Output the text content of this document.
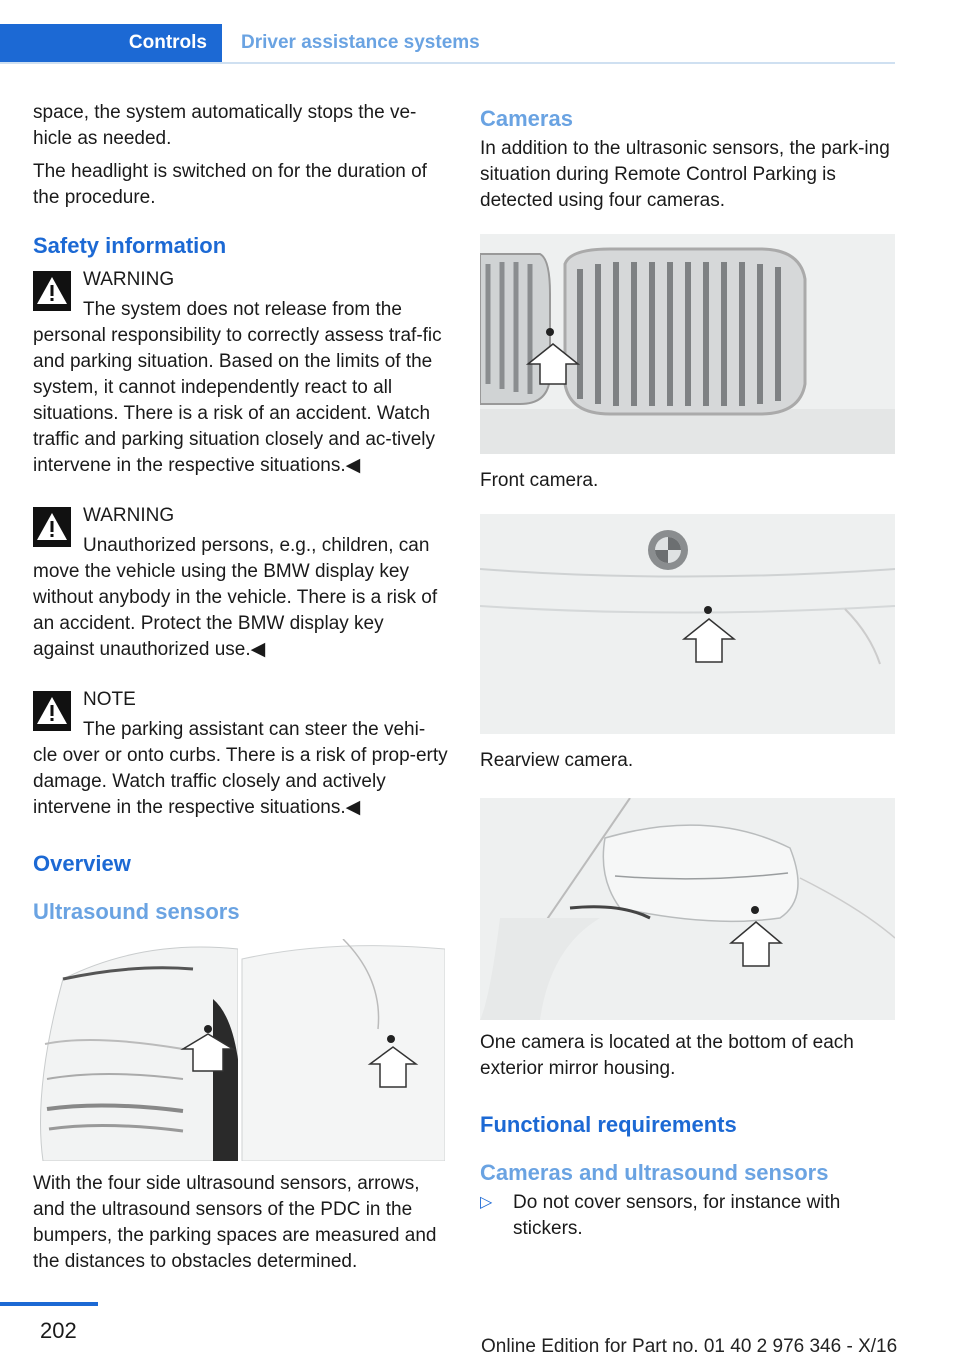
Controls	Driver assistance systems

space, the system automatically stops the ve‐hicle as needed.

The headlight is switched on for the duration of the procedure.

Safety information
WARNING
The system does not release from the personal responsibility to correctly assess traf‐fic and parking situation. Based on the limits of the system, it cannot independently react to all situations. There is a risk of an accident. Watch traffic and parking situation closely and ac‐tively intervene in the respective situations.◀
WARNING
Unauthorized persons, e.g., children, can move the vehicle using the BMW display key without anybody in the vehicle. There is a risk of an accident. Protect the BMW display key against unauthorized use.◀
NOTE
The parking assistant can steer the vehi‐cle over or onto curbs. There is a risk of prop‐erty damage. Watch traffic closely and actively intervene in the respective situations.◀
Overview
Ultrasound sensors

With the four side ultrasound sensors, arrows, and the ultrasound sensors of the PDC in the bumpers, the parking spaces are measured and the distances to obstacles determined.

Cameras

In addition to the ultrasonic sensors, the park‐ing situation during Remote Control Parking is detected using four cameras.

Front camera.

Rearview camera.

One camera is located at the bottom of each exterior mirror housing.

Functional requirements
Cameras and ultrasound sensors
▷ Do not cover sensors, for instance with stickers.
202
Online Edition for Part no. 01 40 2 976 346 - X/16
